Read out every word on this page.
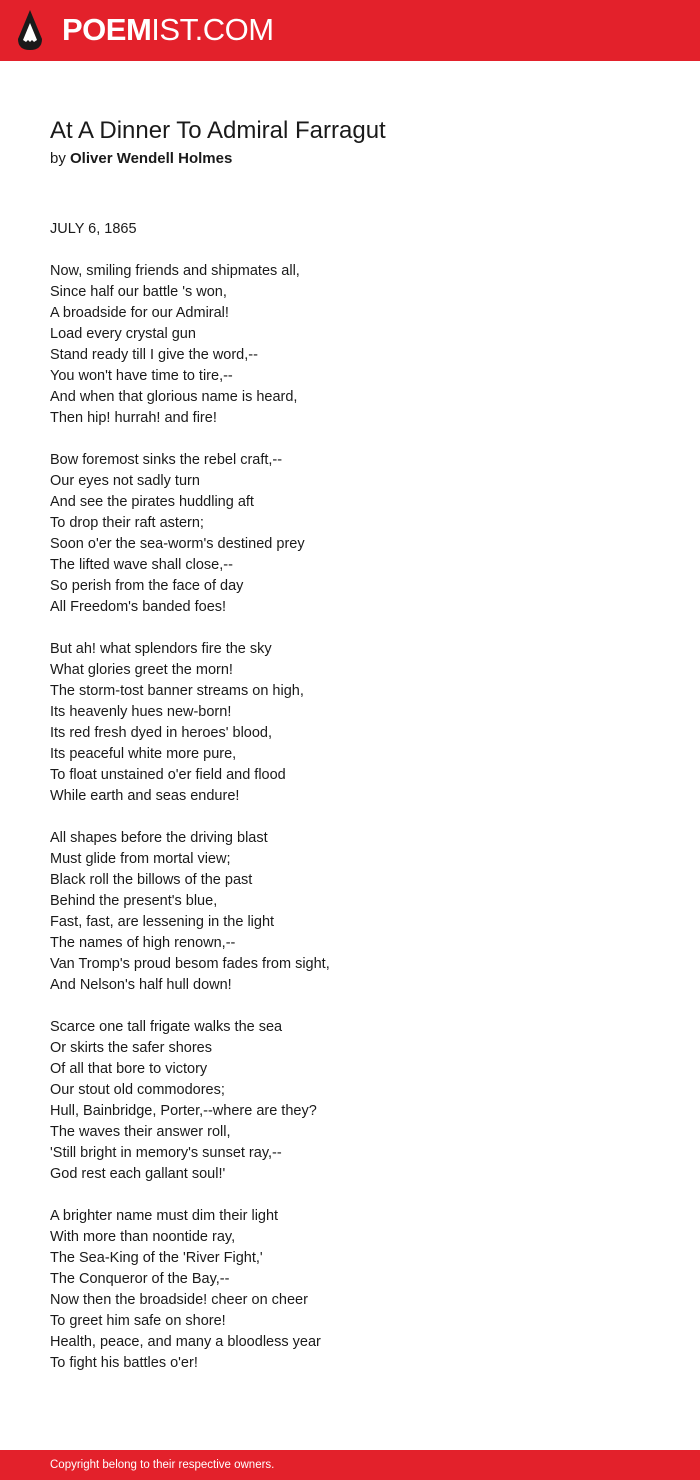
POEMIST.COM
At A Dinner To Admiral Farragut
by Oliver Wendell Holmes
JULY 6, 1865
Now, smiling friends and shipmates all,
Since half our battle 's won,
A broadside for our Admiral!
Load every crystal gun
Stand ready till I give the word,--
You won't have time to tire,--
And when that glorious name is heard,
Then hip! hurrah! and fire!
Bow foremost sinks the rebel craft,--
Our eyes not sadly turn
And see the pirates huddling aft
To drop their raft astern;
Soon o'er the sea-worm's destined prey
The lifted wave shall close,--
So perish from the face of day
All Freedom's banded foes!
But ah! what splendors fire the sky
What glories greet the morn!
The storm-tost banner streams on high,
Its heavenly hues new-born!
Its red fresh dyed in heroes' blood,
Its peaceful white more pure,
To float unstained o'er field and flood
While earth and seas endure!
All shapes before the driving blast
Must glide from mortal view;
Black roll the billows of the past
Behind the present's blue,
Fast, fast, are lessening in the light
The names of high renown,--
Van Tromp's proud besom fades from sight,
And Nelson's half hull down!
Scarce one tall frigate walks the sea
Or skirts the safer shores
Of all that bore to victory
Our stout old commodores;
Hull, Bainbridge, Porter,--where are they?
The waves their answer roll,
'Still bright in memory's sunset ray,--
God rest each gallant soul!'
A brighter name must dim their light
With more than noontide ray,
The Sea-King of the 'River Fight,'
The Conqueror of the Bay,--
Now then the broadside! cheer on cheer
To greet him safe on shore!
Health, peace, and many a bloodless year
To fight his battles o'er!
Copyright belong to their respective owners.
